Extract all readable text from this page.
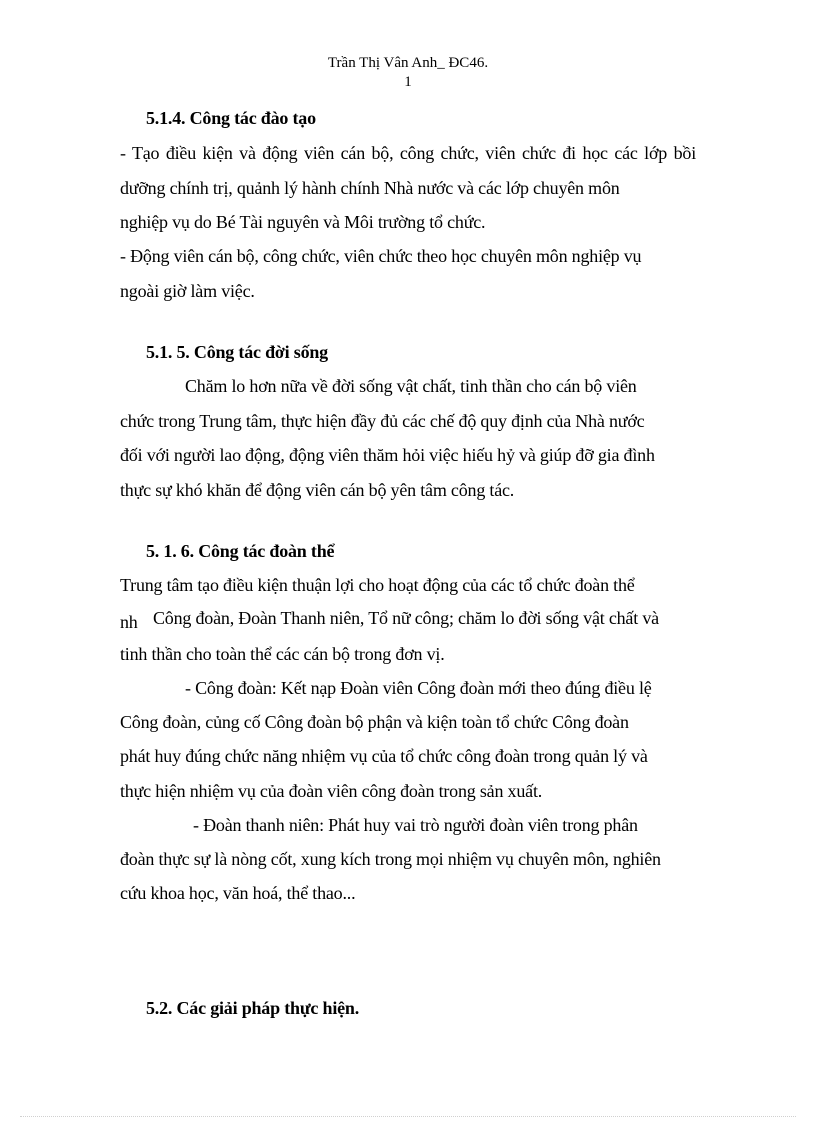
Trần Thị Vân Anh_ ĐC46.
1
5.1.4. Công tác đào tạo
- Tạo điều kiện và động viên cán bộ, công chức, viên chức đi học các lớp bồi
dưỡng chính trị, quảnh lý hành chính Nhà nước và các lớp chuyên môn
nghiệp vụ do Bé Tài nguyên và Môi trường tổ chức.
- Động viên cán bộ, công chức, viên chức theo học chuyên môn nghiệp vụ
ngoài giờ làm việc.
5.1. 5. Công tác đời sống
Chăm lo hơn nữa về đời sống vật chất, tinh thần cho cán bộ viên
chức trong Trung tâm, thực hiện đầy đủ các chế độ quy định của Nhà nước
đối với người lao động, động viên thăm hỏi việc hiếu hỷ và giúp đỡ gia đình
thực sự khó khăn để động viên cán bộ yên tâm công tác.
5. 1. 6. Công tác đoàn thể
Trung tâm tạo điều kiện thuận lợi cho hoạt động của các tổ chức đoàn thể
nh Công đoàn, Đoàn Thanh niên, Tổ nữ công; chăm lo đời sống vật chất và
tinh thần cho toàn thể các cán bộ trong đơn vị.
- Công đoàn: Kết nạp Đoàn viên Công đoàn mới theo đúng điều lệ
Công đoàn, củng cố Công đoàn bộ phận và kiện toàn tổ chức Công đoàn
phát huy đúng chức năng nhiệm vụ của tổ chức công đoàn trong quản lý và
thực hiện nhiệm vụ của đoàn viên công đoàn trong sản xuất.
- Đoàn thanh niên: Phát huy vai trò người đoàn viên trong phân
đoàn thực sự là nòng cốt, xung kích trong mọi nhiệm vụ chuyên môn, nghiên
cứu khoa học, văn hoá, thể thao...
5.2. Các giải pháp thực hiện.
